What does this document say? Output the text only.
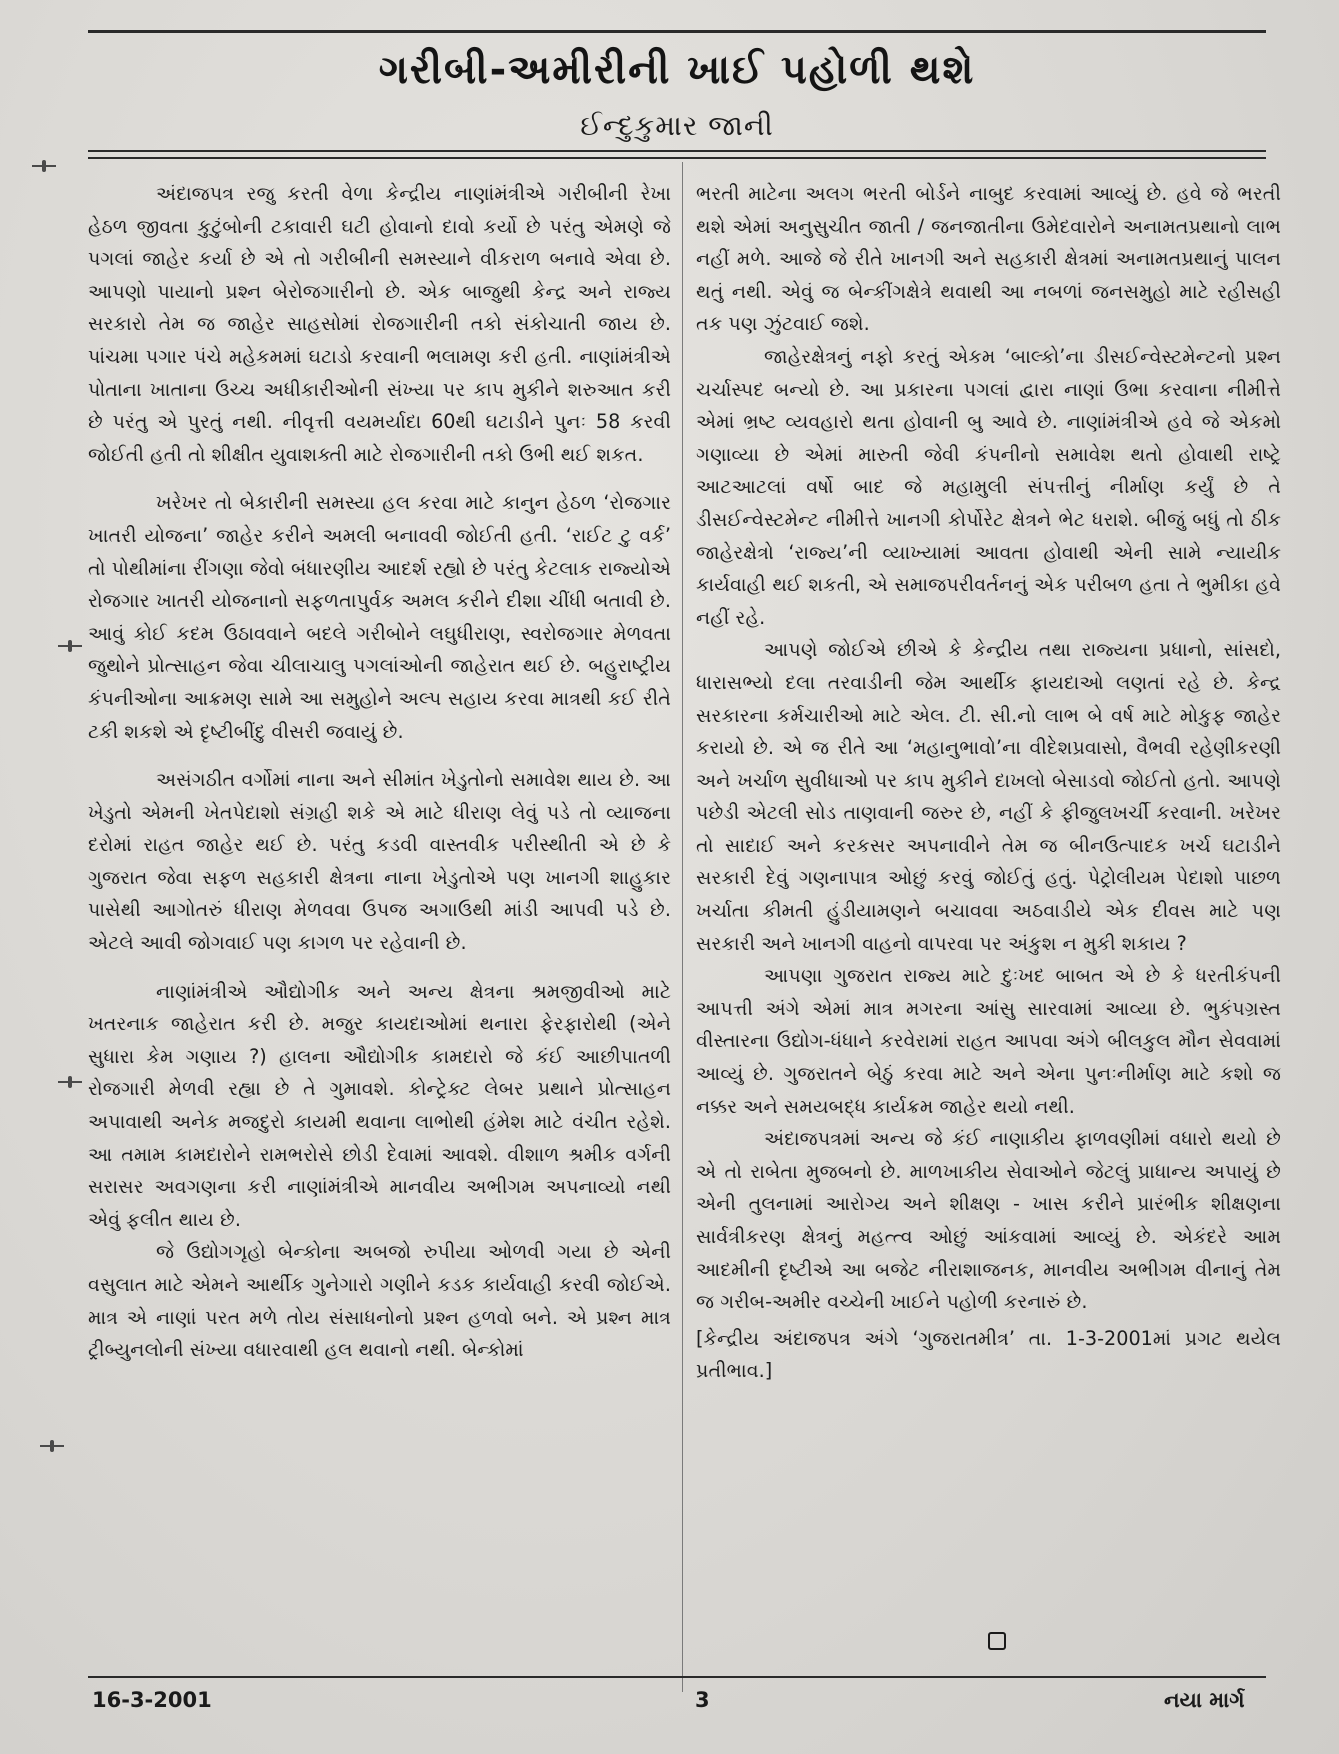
ગરીબી-અમીરીની ખાઈ પહોળી થશે
ઈન્દુકુમાર જાની

અંદાજપત્ર રજુ કરતી વેળા કેન્દ્રીય નાણાંમંત્રીએ ગરીબીની રેખા હેઠળ જીવતા કુટુંબોની ટકાવારી ઘટી હોવાનો દાવો કર્યો છે પરંતુ એમણે જે પગલાં જાહેર કર્યા છે એ તો ગરીબીની સમસ્યાને વીકરાળ બનાવે એવા છે. આપણો પાયાનો પ્રશ્ન બેરોજગારીનો છે. એક બાજુથી કેન્દ્ર અને રાજ્ય સરકારો તેમ જ જાહેર સાહસોમાં રોજગારીની તકો સંકોચાતી જાય છે. પાંચમા પગાર પંચે મહેકમમાં ઘટાડો કરવાની ભલામણ કરી હતી. નાણાંમંત્રીએ પોતાના ખાતાના ઉચ્ચ અધીકારીઓની સંખ્યા પર કાપ મુકીને શરુઆત કરી છે પરંતુ એ પુરતું નથી. નીવૃત્તી વયમર્યાદા 60થી ઘટાડીને પુનઃ 58 કરવી જોઈતી હતી તો શીક્ષીત યુવાશક્તી માટે રોજગારીની તકો ઉભી થઈ શકત.

ખરેખર તો બેકારીની સમસ્યા હલ કરવા માટે કાનુન હેઠળ ‘રોજગાર ખાતરી યોજના’ જાહેર કરીને અમલી બનાવવી જોઈતી હતી. ‘રાઈટ ટુ વર્ક’ તો પોથીમાંના રીંગણા જેવો બંધારણીય આદર્શ રહ્યો છે પરંતુ કેટલાક રાજ્યોએ રોજગાર ખાતરી યોજનાનો સફળતાપુર્વક અમલ કરીને દીશા ચીંધી બતાવી છે. આવું કોઈ કદમ ઉઠાવવાને બદલે ગરીબોને લઘુધીરાણ, સ્વરોજગાર મેળવતા જુથોને પ્રોત્સાહન જેવા ચીલાચાલુ પગલાંઓની જાહેરાત થઈ છે. બહુરાષ્ટ્રીય કંપનીઓના આક્રમણ સામે આ સમુહોને અલ્પ સહાય કરવા માત્રથી કઈ રીતે ટકી શકશે એ દૃષ્ટીબીંદુ વીસરી જવાયું છે.

અસંગઠીત વર્ગોમાં નાના અને સીમાંત ખેડુતોનો સમાવેશ થાય છે. આ ખેડુતો એમની ખેતપેદાશો સંગ્રહી શકે એ માટે ધીરાણ લેવું પડે તો વ્યાજના દરોમાં રાહત જાહેર થઈ છે. પરંતુ કડવી વાસ્તવીક પરીસ્થીતી એ છે કે ગુજરાત જેવા સફળ સહકારી ક્ષેત્રના નાના ખેડુતોએ પણ ખાનગી શાહુકાર પાસેથી આગોતરું ધીરાણ મેળવવા ઉપજ અગાઉથી માંડી આપવી પડે છે. એટલે આવી જોગવાઈ પણ કાગળ પર રહેવાની છે.

નાણાંમંત્રીએ ઔદ્યોગીક અને અન્ય ક્ષેત્રના શ્રમજીવીઓ માટે ખતરનાક જાહેરાત કરી છે. મજુર કાયદાઓમાં થનારા ફેરફારોથી (એને સુધારા કેમ ગણાય ?) હાલના ઔદ્યોગીક કામદારો જે કંઈ આછીપાતળી રોજગારી મેળવી રહ્યા છે તે ગુમાવશે. કોન્ટ્રેક્ટ લેબર પ્રથાને પ્રોત્સાહન અપાવાથી અનેક મજદુરો કાયમી થવાના લાભોથી હંમેશ માટે વંચીત રહેશે. આ તમામ કામદારોને રામભરોસે છોડી દેવામાં આવશે. વીશાળ શ્રમીક વર્ગની સરાસર અવગણના કરી નાણાંમંત્રીએ માનવીય અભીગમ અપનાવ્યો નથી એવું ફલીત થાય છે.

જે ઉદ્યોગગૃહો બેન્કોના અબજો રુપીયા ઓળવી ગયા છે એની વસુલાત માટે એમને આર્થીક ગુનેગારો ગણીને કડક કાર્યવાહી કરવી જોઈએ. માત્ર એ નાણાં પરત મળે તોય સંસાધનોનો પ્રશ્ન હળવો બને. એ પ્રશ્ન માત્ર ટ્રીબ્યુનલોની સંખ્યા વધારવાથી હલ થવાનો નથી. બેન્કોમાં

ભરતી માટેના અલગ ભરતી બોર્ડને નાબુદ કરવામાં આવ્યું છે. હવે જે ભરતી થશે એમાં અનુસુચીત જાતી / જનજાતીના ઉમેદવારોને અનામતપ્રથાનો લાભ નહીં મળે. આજે જે રીતે ખાનગી અને સહકારી ક્ષેત્રમાં અનામતપ્રથાનું પાલન થતું નથી. એવું જ બેન્કીંગક્ષેત્રે થવાથી આ નબળાં જનસમુહો માટે રહીસહી તક પણ ઝુંટવાઈ જશે.

જાહેરક્ષેત્રનું નફો કરતું એકમ ‘બાલ્કો’ના ડીસઈન્વેસ્ટમેન્ટનો પ્રશ્ન ચર્ચાસ્પદ બન્યો છે. આ પ્રકારના પગલાં દ્વારા નાણાં ઉભા કરવાના નીમીત્તે એમાં ભ્રષ્ટ વ્યવહારો થતા હોવાની બુ આવે છે. નાણાંમંત્રીએ હવે જે એકમો ગણાવ્યા છે એમાં મારુતી જેવી કંપનીનો સમાવેશ થતો હોવાથી રાષ્ટ્રે આટઆટલાં વર્ષો બાદ જે મહામુલી સંપત્તીનું નીર્માણ કર્યું છે તે ડીસઈન્વેસ્ટમેન્ટ નીમીત્તે ખાનગી કોર્પોરેટ ક્ષેત્રને ભેટ ધરાશે. બીજું બધું તો ઠીક જાહેરક્ષેત્રો ‘રાજ્ય’ની વ્યાખ્યામાં આવતા હોવાથી એની સામે ન્યાયીક કાર્યવાહી થઈ શકતી, એ સમાજપરીવર્તનનું એક પરીબળ હતા તે ભુમીકા હવે નહીં રહે.

આપણે જોઈએ છીએ કે કેન્દ્રીય તથા રાજ્યના પ્રધાનો, સાંસદો, ધારાસભ્યો દલા તરવાડીની જેમ આર્થીક ફાયદાઓ લણતાં રહે છે. કેન્દ્ર સરકારના કર્મચારીઓ માટે એલ. ટી. સી.નો લાભ બે વર્ષ માટે મોકુફ જાહેર કરાયો છે. એ જ રીતે આ ‘મહાનુભાવો’ના વીદેશપ્રવાસો, વૈભવી રહેણીકરણી અને ખર્ચાળ સુવીધાઓ પર કાપ મુકીને દાખલો બેસાડવો જોઈતો હતો. આપણે પછેડી એટલી સોડ તાણવાની જરુર છે, નહીં કે ફીજુલખર્ચી કરવાની. ખરેખર તો સાદાઈ અને કરકસર અપનાવીને તેમ જ બીનઉત્પાદક ખર્ચ ઘટાડીને સરકારી દેવું ગણનાપાત્ર ઓછું કરવું જોઈતું હતું. પેટ્રોલીયમ પેદાશો પાછળ ખર્ચાતા કીમતી હુંડીયામણને બચાવવા અઠવાડીયે એક દીવસ માટે પણ સરકારી અને ખાનગી વાહનો વાપરવા પર અંકુશ ન મુકી શકાય ?

આપણા ગુજરાત રાજ્ય માટે દુઃખદ બાબત એ છે કે ધરતીકંપની આપત્તી અંગે એમાં માત્ર મગરના આંસુ સારવામાં આવ્યા છે. ભુકંપગ્રસ્ત વીસ્તારના ઉદ્યોગ-ધંધાને કરવેરામાં રાહત આપવા અંગે બીલકુલ મૌન સેવવામાં આવ્યું છે. ગુજરાતને બેઠું કરવા માટે અને એના પુનઃનીર્માણ માટે કશો જ નક્કર અને સમયબદ્ધ કાર્યક્રમ જાહેર થયો નથી.

અંદાજપત્રમાં અન્ય જે કંઈ નાણાકીય ફાળવણીમાં વધારો થયો છે એ તો રાબેતા મુજબનો છે. માળખાકીય સેવાઓને જેટલું પ્રાધાન્ય અપાયું છે એની તુલનામાં આરોગ્ય અને શીક્ષણ - ખાસ કરીને પ્રારંભીક શીક્ષણના સાર્વત્રીકરણ ક્ષેત્રનું મહત્ત્વ ઓછું આંકવામાં આવ્યું છે. એકંદરે આમ આદમીની દૃષ્ટીએ આ બજેટ નીરાશાજનક, માનવીય અભીગમ વીનાનું તેમ જ ગરીબ-અમીર વચ્ચેની ખાઈને પહોળી કરનારું છે.

[કેન્દ્રીય અંદાજપત્ર અંગે ‘ગુજરાતમીત્ર’ તા. 1-3-2001માં પ્રગટ થયેલ પ્રતીભાવ.]

16-3-2001	3	નયા માર્ગ
